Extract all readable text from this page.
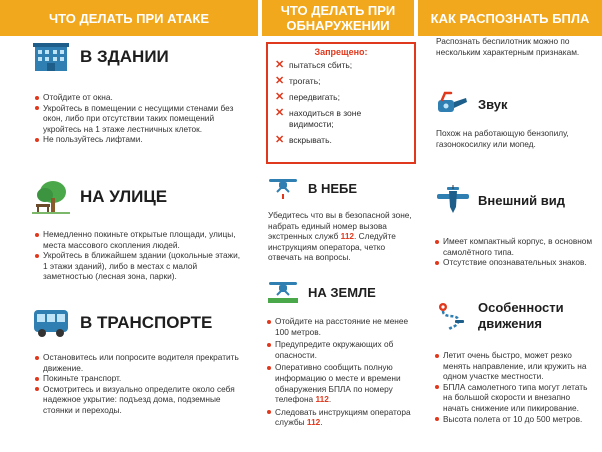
ЧТО ДЕЛАТЬ ПРИ АТАКЕ	ЧТО ДЕЛАТЬ ПРИ
ОБНАРУЖЕНИИ	КАК РАСПОЗНАТЬ БПЛА
В ЗДАНИИ
Отойдите от окна.
Укройтесь в помещении с несущими стенами без окон, либо при отсутствии таких помещений укройтесь на 1 этаже лестничных клеток.
Не пользуйтесь лифтами.
НА УЛИЦЕ
Немедленно покиньте открытые площади, улицы, места массового скопления людей.
Укройтесь в ближайшем здании (цокольные этажи, 1 этажи зданий), либо в местах с малой заметностью (лесная зона, парки).
В ТРАНСПОРТЕ
Остановитесь или попросите водителя прекратить движение.
Покиньте транспорт.
Осмотритесь и визуально определите около себя надежное укрытие: подъезд дома, подземные стоянки и переходы.
Запрещено:
✕ пытаться сбить;
✕ трогать;
✕ передвигать;
✕ находиться в зоне видимости;
✕ вскрывать.
В НЕБЕ
Убедитесь что вы в безопасной зоне, набрать единый номер вызова экстренных служб 112. Следуйте инструкциям оператора, четко отвечать на вопросы.
НА ЗЕМЛЕ
Отойдите на расстояние не менее 100 метров.
Предупредите окружающих об опасности.
Оперативно сообщить полную информацию о месте и времени обнаружения БПЛА по номеру телефона 112.
Следовать инструкциям оператора службы 112.
Распознать беспилотник можно по нескольким характерным признакам.
Звук
Похож на работающую бензопилу, газонокосилку или мопед.
Внешний вид
Имеет компактный корпус, в основном самолётного типа.
Отсутствие опознавательных знаков.
Особенности
движения
Летит очень быстро, может резко менять направление, или кружить на одном участке местности.
БПЛА самолетного типа могут летать на большой скорости и внезапно начать снижение или пикирование.
Высота полета от 10 до 500 метров.
